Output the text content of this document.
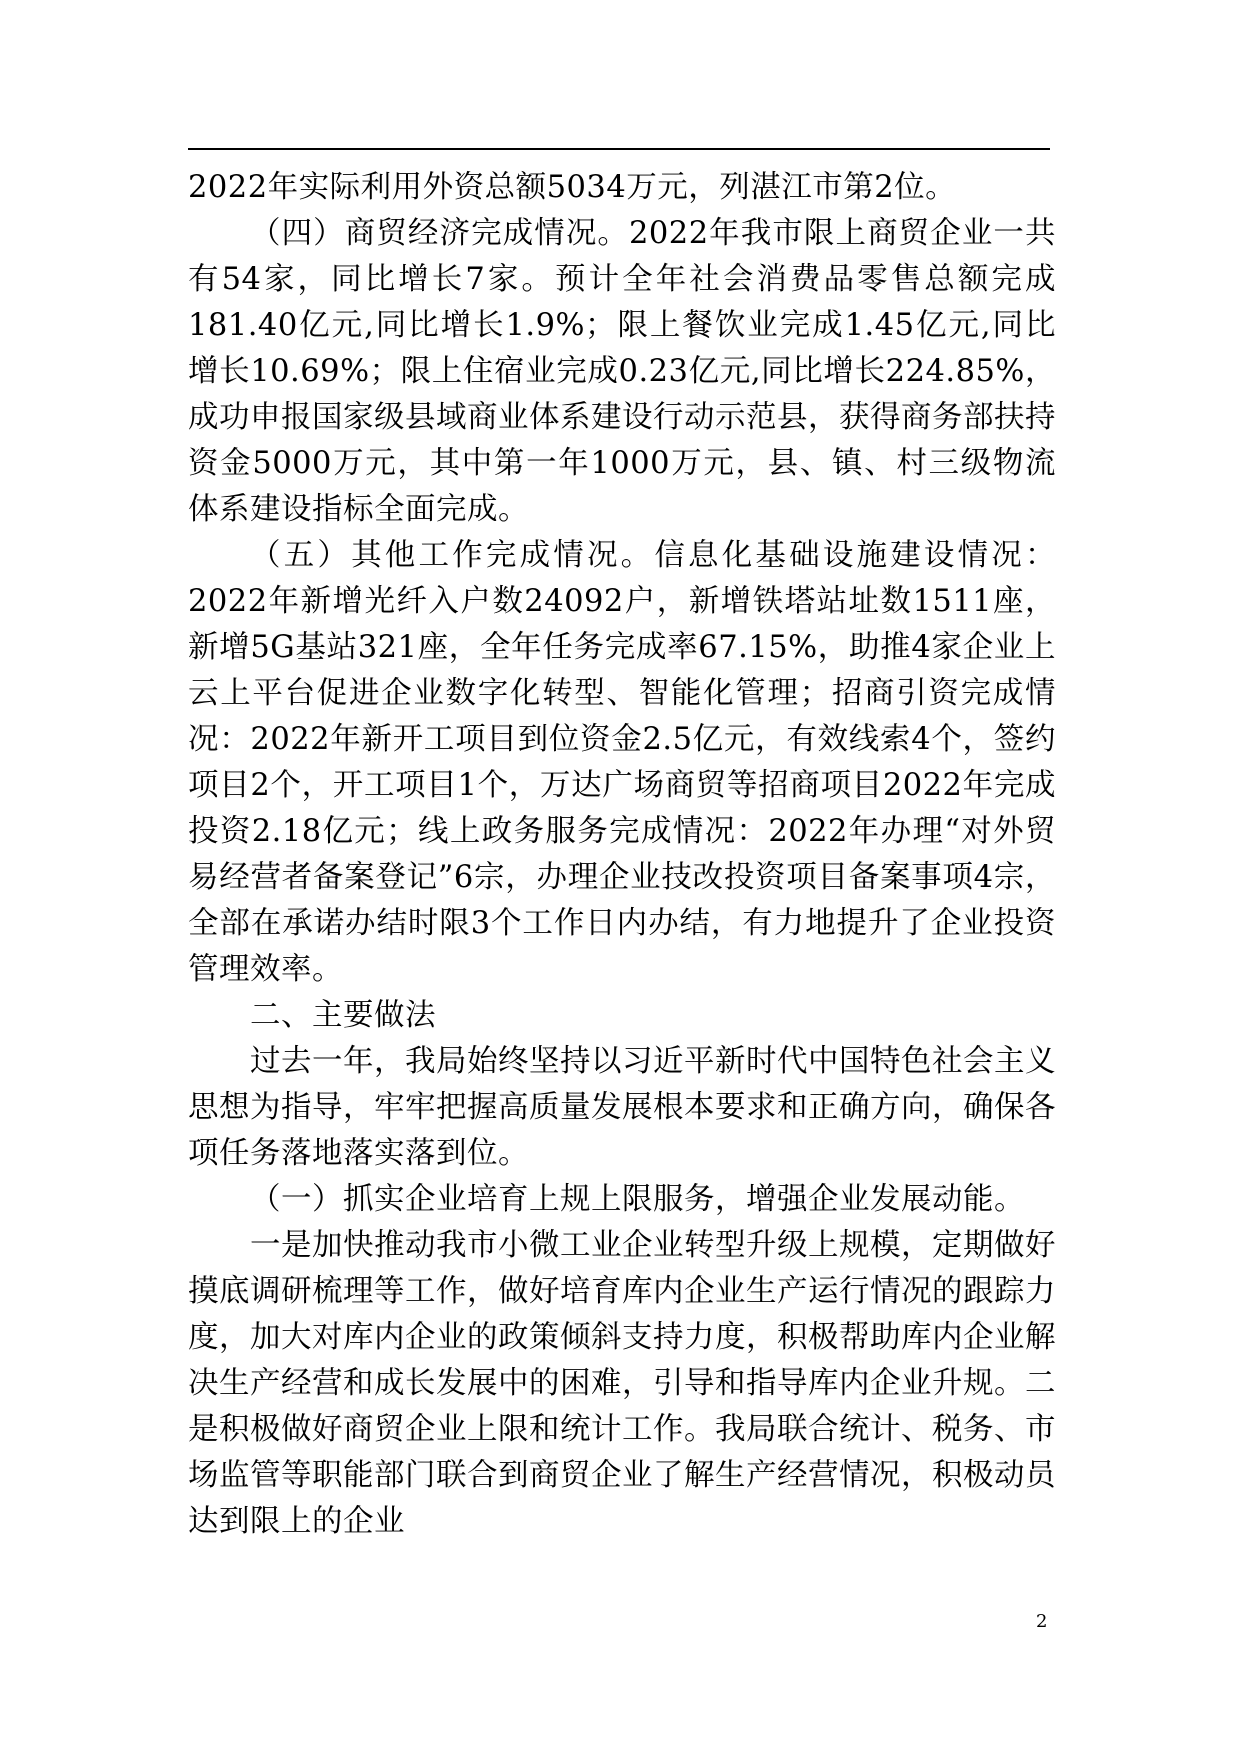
2022年实际利用外资总额5034万元，列湛江市第2位。

（四）商贸经济完成情况。2022年我市限上商贸企业一共有54家，同比增长7家。预计全年社会消费品零售总额完成181.40亿元,同比增长1.9%；限上餐饮业完成1.45亿元,同比增长10.69%；限上住宿业完成0.23亿元,同比增长224.85%，成功申报国家级县域商业体系建设行动示范县，获得商务部扶持资金5000万元，其中第一年1000万元，县、镇、村三级物流体系建设指标全面完成。

（五）其他工作完成情况。信息化基础设施建设情况：2022年新增光纤入户数24092户，新增铁塔站址数1511座，新增5G基站321座，全年任务完成率67.15%，助推4家企业上云上平台促进企业数字化转型、智能化管理；招商引资完成情况：2022年新开工项目到位资金2.5亿元，有效线索4个，签约项目2个，开工项目1个，万达广场商贸等招商项目2022年完成投资2.18亿元；线上政务服务完成情况：2022年办理“对外贸易经营者备案登记”6宗，办理企业技改投资项目备案事项4宗，全部在承诺办结时限3个工作日内办结，有力地提升了企业投资管理效率。

二、主要做法

过去一年，我局始终坚持以习近平新时代中国特色社会主义思想为指导，牢牢把握高质量发展根本要求和正确方向，确保各项任务落地落实落到位。

（一）抓实企业培育上规上限服务，增强企业发展动能。

一是加快推动我市小微工业企业转型升级上规模，定期做好摸底调研梳理等工作，做好培育库内企业生产运行情况的跟踪力度，加大对库内企业的政策倾斜支持力度，积极帮助库内企业解决生产经营和成长发展中的困难，引导和指导库内企业升规。二是积极做好商贸企业上限和统计工作。我局联合统计、税务、市场监管等职能部门联合到商贸企业了解生产经营情况，积极动员达到限上的企业

2
